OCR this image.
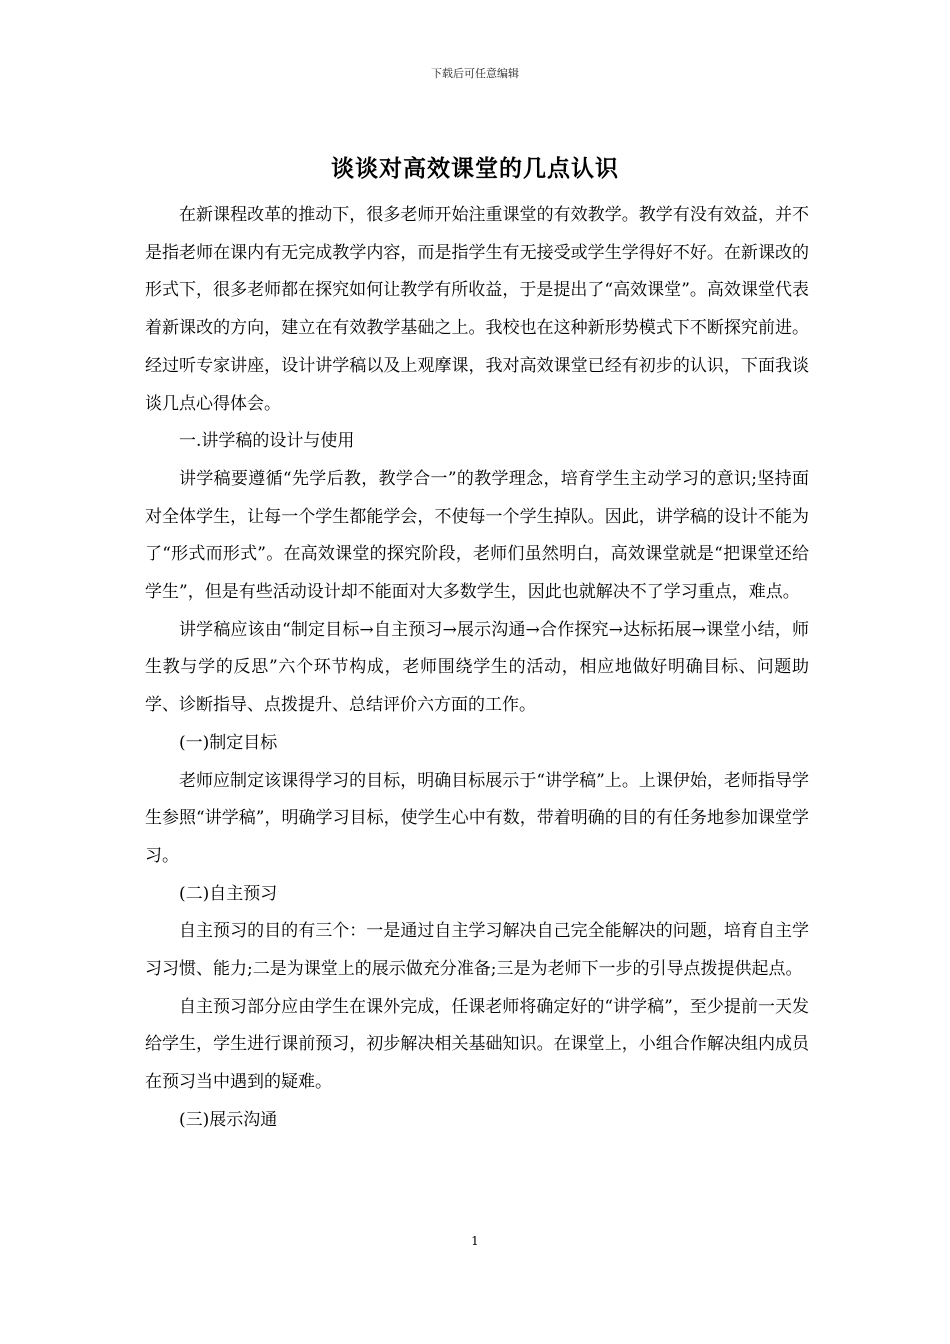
下载后可任意编辑
谈谈对高效课堂的几点认识

在新课程改革的推动下，很多老师开始注重课堂的有效教学。教学有没有效益，并不是指老师在课内有无完成教学内容，而是指学生有无接受或学生学得好不好。在新课改的形式下，很多老师都在探究如何让教学有所收益，于是提出了“高效课堂”。高效课堂代表着新课改的方向，建立在有效教学基础之上。我校也在这种新形势模式下不断探究前进。经过听专家讲座，设计讲学稿以及上观摩课，我对高效课堂已经有初步的认识，下面我谈谈几点心得体会。

一.讲学稿的设计与使用

讲学稿要遵循“先学后教，教学合一”的教学理念，培育学生主动学习的意识;坚持面对全体学生，让每一个学生都能学会，不使每一个学生掉队。因此，讲学稿的设计不能为了“形式而形式”。在高效课堂的探究阶段，老师们虽然明白，高效课堂就是“把课堂还给学生”，但是有些活动设计却不能面对大多数学生，因此也就解决不了学习重点，难点。

讲学稿应该由“制定目标→自主预习→展示沟通→合作探究→达标拓展→课堂小结，师生教与学的反思”六个环节构成，老师围绕学生的活动，相应地做好明确目标、问题助学、诊断指导、点拨提升、总结评价六方面的工作。

(一)制定目标

老师应制定该课得学习的目标，明确目标展示于“讲学稿”上。上课伊始，老师指导学生参照“讲学稿”，明确学习目标，使学生心中有数，带着明确的目的有任务地参加课堂学习。

(二)自主预习

自主预习的目的有三个：一是通过自主学习解决自己完全能解决的问题，培育自主学习习惯、能力;二是为课堂上的展示做充分准备;三是为老师下一步的引导点拨提供起点。

自主预习部分应由学生在课外完成，任课老师将确定好的“讲学稿”，至少提前一天发给学生，学生进行课前预习，初步解决相关基础知识。在课堂上，小组合作解决组内成员在预习当中遇到的疑难。

(三)展示沟通

1
